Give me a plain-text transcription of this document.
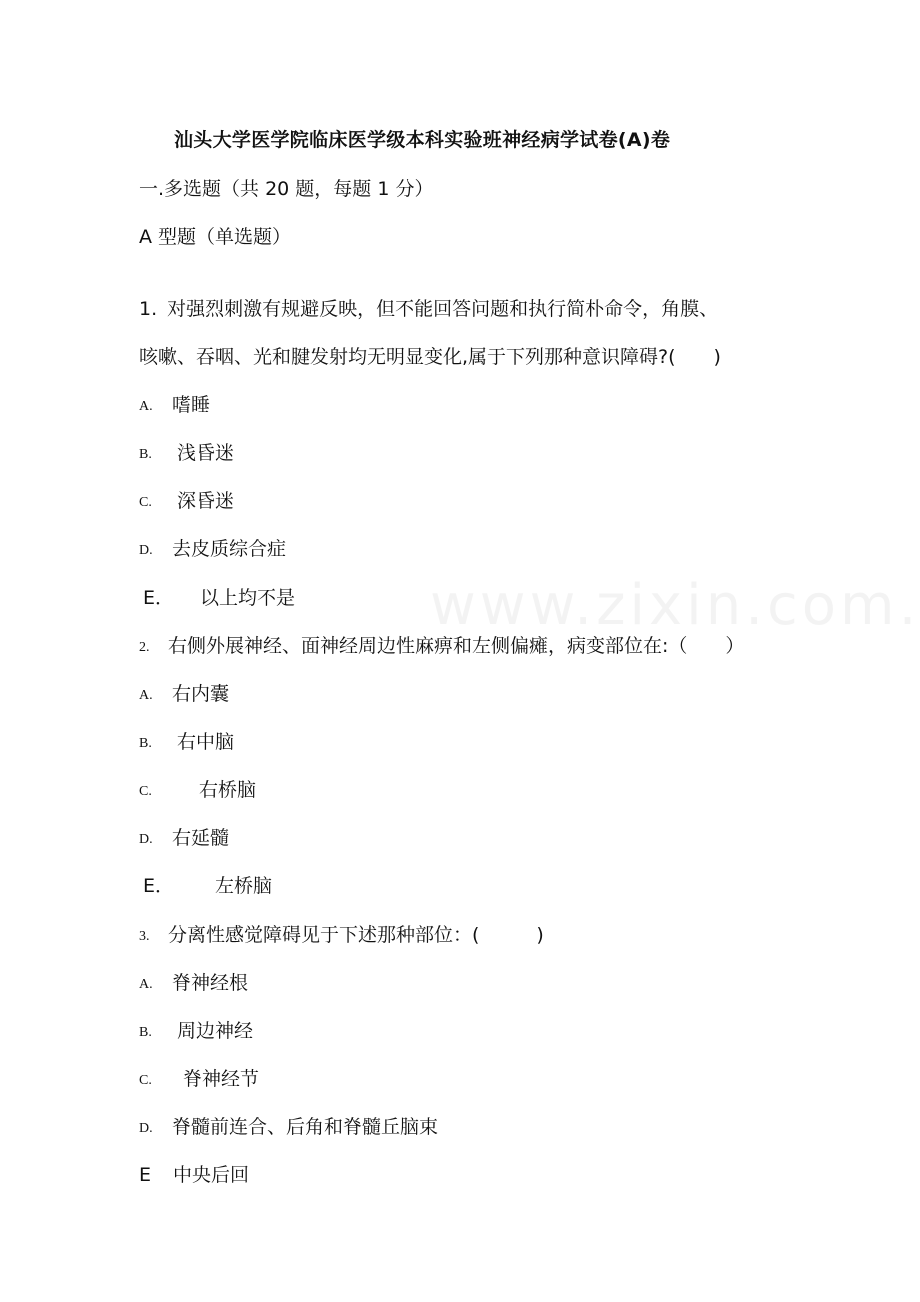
汕头大学医学院临床医学级本科实验班神经病学试卷(A)卷
一.多选题（共 20 题，每题 1 分）
A 型题（单选题）
1. 对强烈刺激有规避反映，但不能回答问题和执行简朴命令，角膜、
咳嗽、吞咽、光和腱发射均无明显变化,属于下列那种意识障碍?(　　)
A. 嗜睡
B. 浅昏迷
C. 深昏迷
D. 去皮质综合症
E． 以上均不是
2. 右侧外展神经、面神经周边性麻痹和左侧偏瘫，病变部位在:（　　）
A. 右内囊
B. 右中脑
C. 右桥脑
D. 右延髓
E． 左桥脑
3. 分离性感觉障碍见于下述那种部位：(　　　)
A. 脊神经根
B. 周边神经
C. 脊神经节
D. 脊髓前连合、后角和脊髓丘脑束
E 中央后回
